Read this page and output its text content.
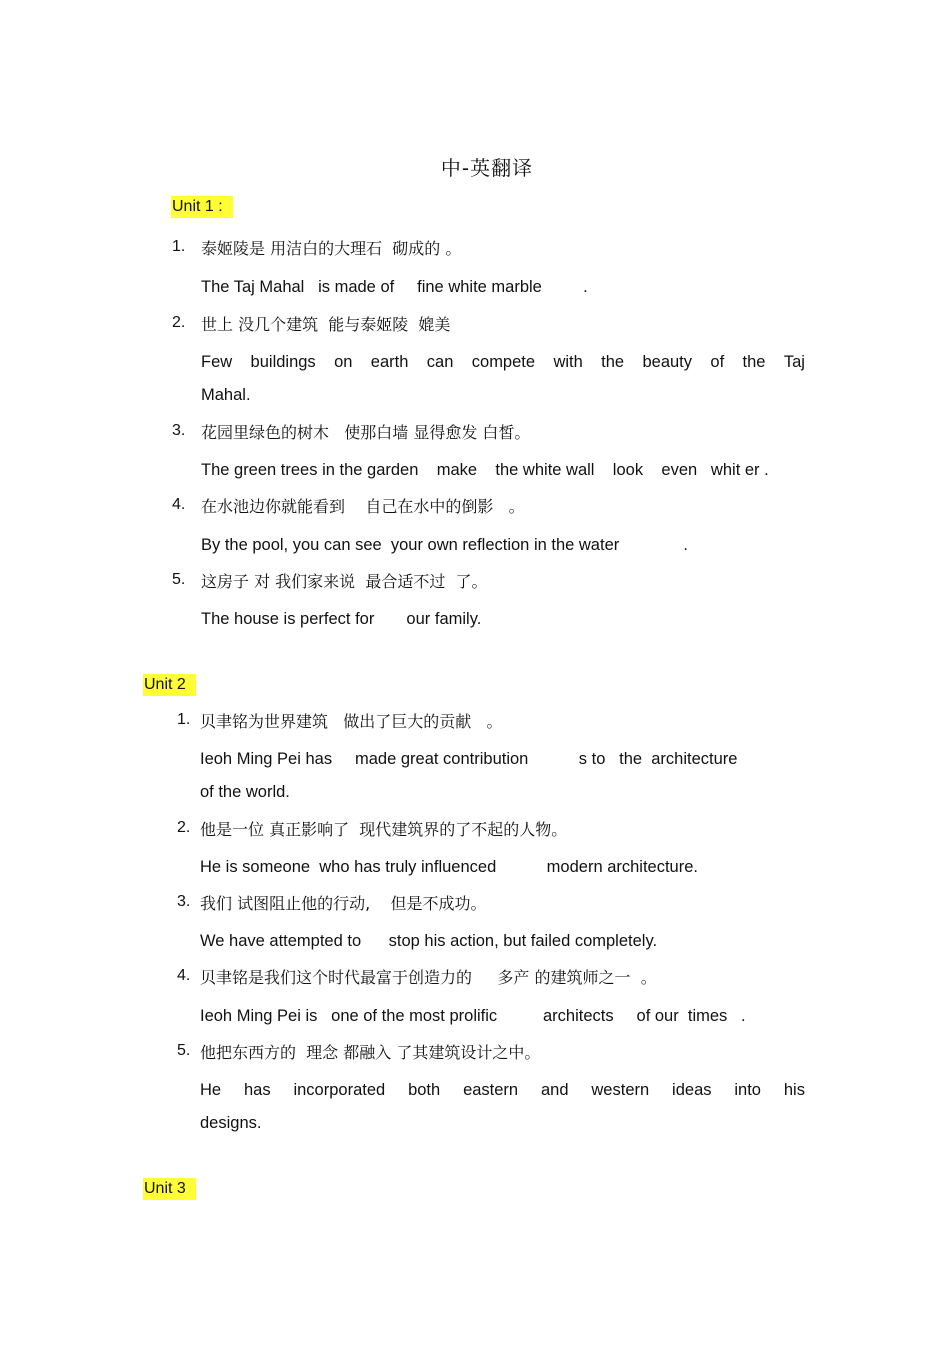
中-英翻译
Unit 1 :
1. 泰姬陵是 用洁白的大理石  砌成的 。
The Taj Mahal   is made of     fine white marble         .
2. 世上 没几个建筑  能与泰姬陵  媲美
Few buildings on earth can compete with the beauty of the Taj
Mahal.
3. 花园里绿色的树木   使那白墙 显得愈发 白皙。
The green trees in the garden    make    the white wall    look    even   whit er .
4. 在水池边你就能看到    自己在水中的倒影   。
By the pool, you can see  your own reflection in the water              .
5. 这房子 对 我们家来说  最合适不过  了。
The house is perfect for       our family.
Unit 2
1. 贝聿铭为世界建筑   做出了巨大的贡献   。
Ieoh Ming Pei has     made great contribution           s to   the  architecture
of the world.
2. 他是一位 真正影响了  现代建筑界的了不起的人物。
He is someone  who has truly influenced           modern architecture.
3. 我们 试图阻止他的行动,    但是不成功。
We have attempted to      stop his action, but failed completely.
4. 贝聿铭是我们这个时代最富于创造力的     多产 的建筑师之一  。
Ieoh Ming Pei is   one of the most prolific          architects     of our  times   .
5. 他把东西方的  理念 都融入 了其建筑设计之中。
He has incorporated both eastern and western ideas into his
designs.
Unit 3
